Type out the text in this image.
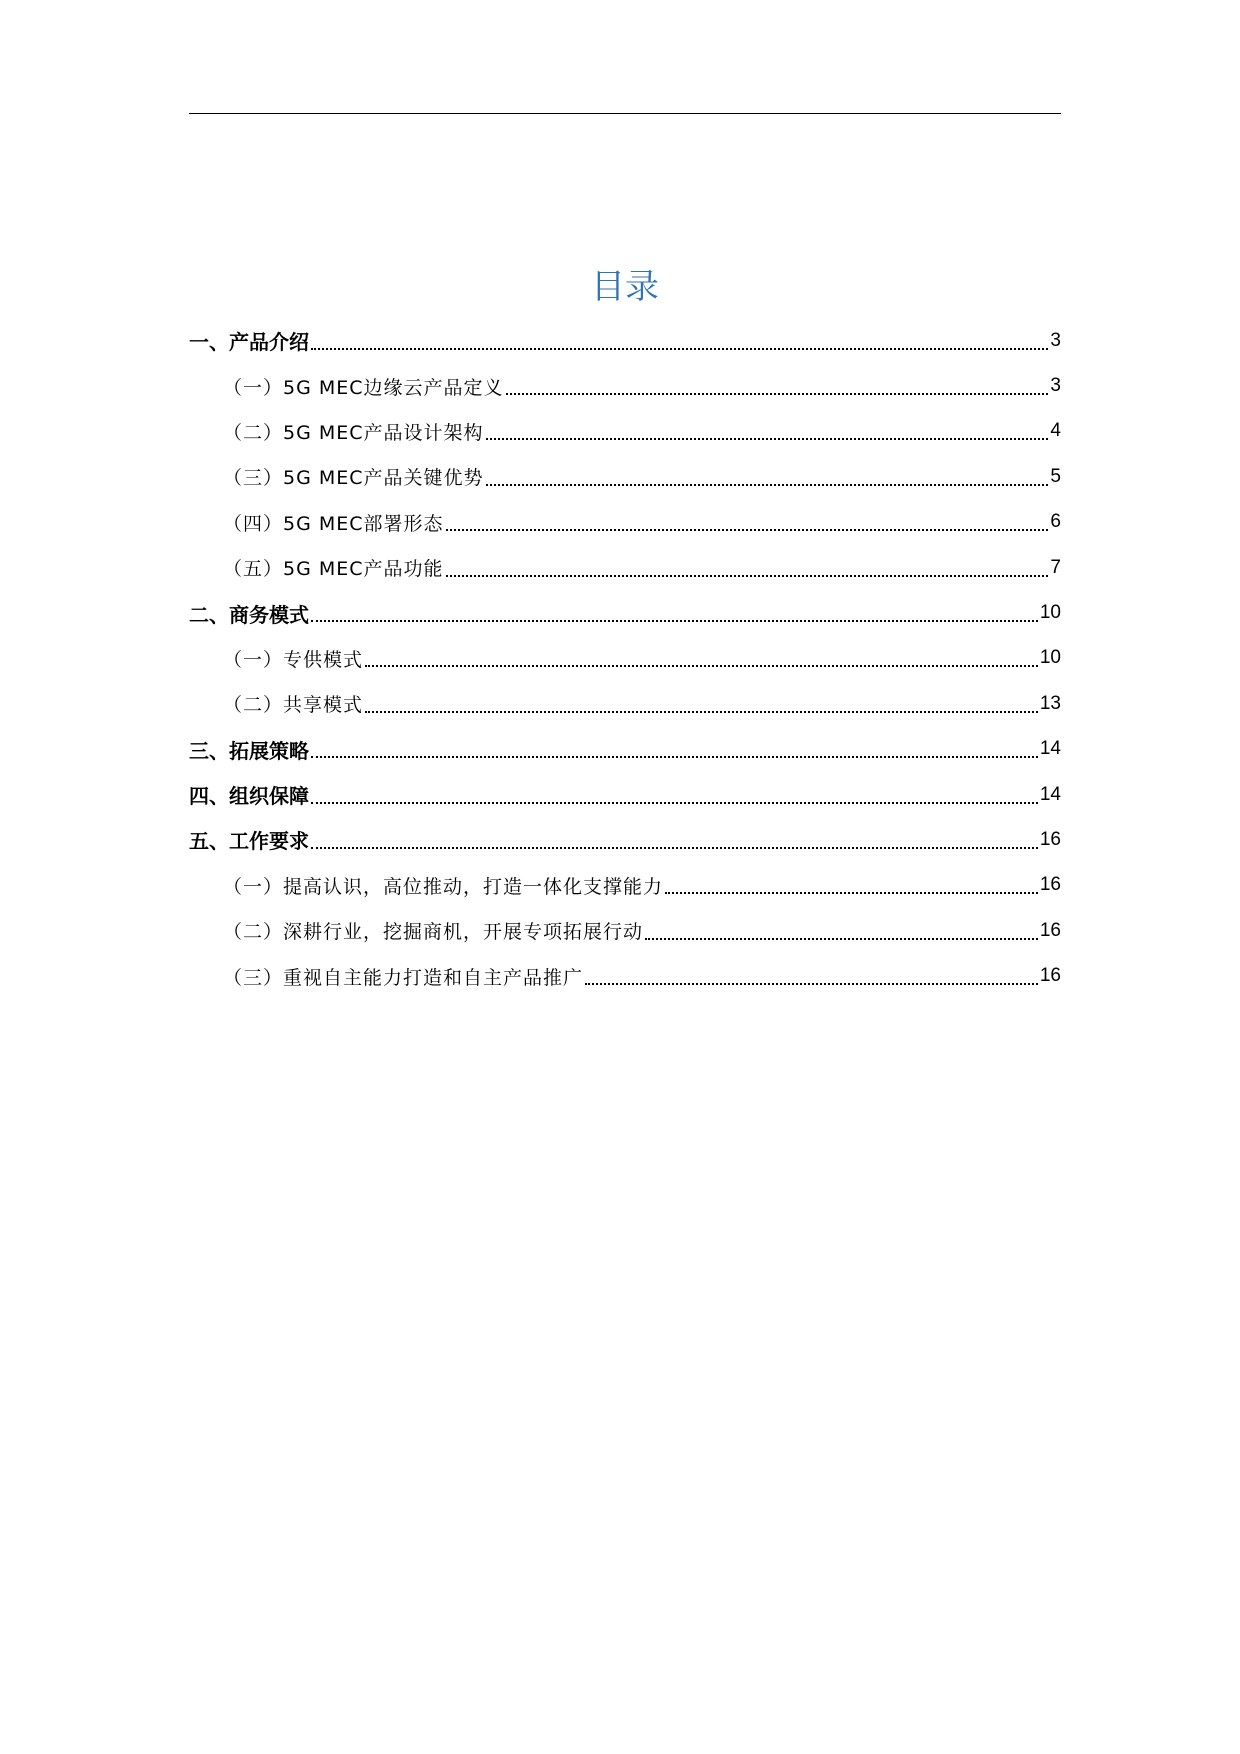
目录
一、产品介绍	3
（一）5G MEC边缘云产品定义	3
（二）5G MEC产品设计架构	4
（三）5G MEC产品关键优势	5
（四）5G MEC部署形态	6
（五）5G MEC产品功能	7
二、商务模式	10
（一）专供模式	10
（二）共享模式	13
三、拓展策略	14
四、组织保障	14
五、工作要求	16
（一）提高认识，高位推动，打造一体化支撑能力	16
（二）深耕行业，挖掘商机，开展专项拓展行动	16
（三）重视自主能力打造和自主产品推广	16
